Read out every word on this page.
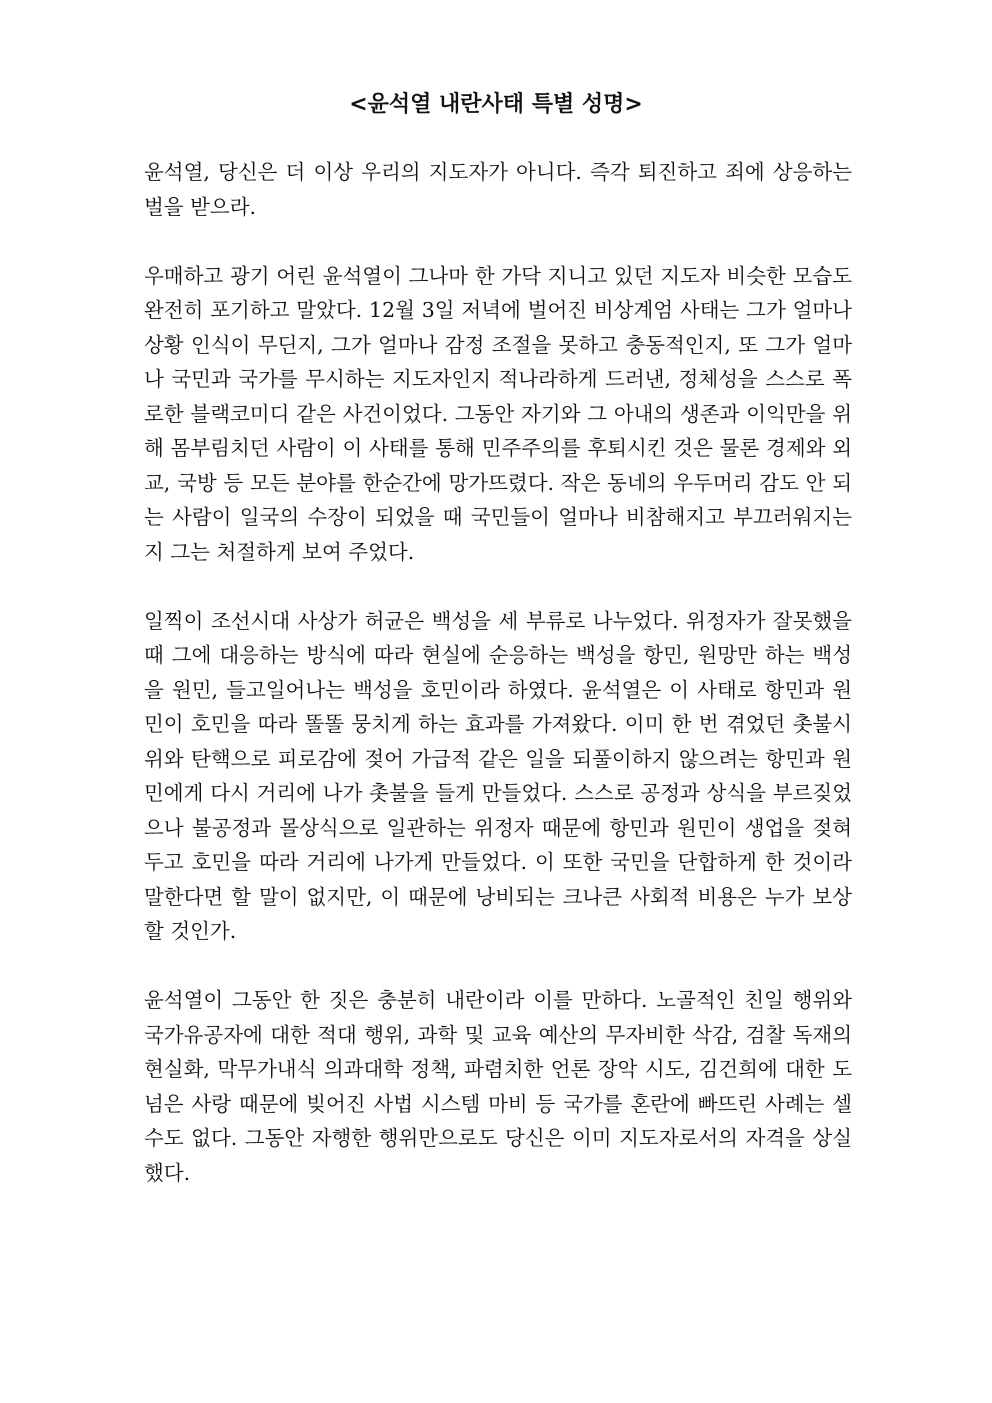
<윤석열 내란사태 특별 성명>

윤석열, 당신은 더 이상 우리의 지도자가 아니다. 즉각 퇴진하고 죄에 상응하는 벌을 받으라.

우매하고 광기 어린 윤석열이 그나마 한 가닥 지니고 있던 지도자 비슷한 모습도 완전히 포기하고 말았다. 12월 3일 저녁에 벌어진 비상계엄 사태는 그가 얼마나 상황 인식이 무딘지, 그가 얼마나 감정 조절을 못하고 충동적인지, 또 그가 얼마나 국민과 국가를 무시하는 지도자인지 적나라하게 드러낸, 정체성을 스스로 폭로한 블랙코미디 같은 사건이었다. 그동안 자기와 그 아내의 생존과 이익만을 위해 몸부림치던 사람이 이 사태를 통해 민주주의를 후퇴시킨 것은 물론 경제와 외교, 국방 등 모든 분야를 한순간에 망가뜨렸다. 작은 동네의 우두머리 감도 안 되는 사람이 일국의 수장이 되었을 때 국민들이 얼마나 비참해지고 부끄러워지는지 그는 처절하게 보여 주었다.

일찍이 조선시대 사상가 허균은 백성을 세 부류로 나누었다. 위정자가 잘못했을 때 그에 대응하는 방식에 따라 현실에 순응하는 백성을 항민, 원망만 하는 백성을 원민, 들고일어나는 백성을 호민이라 하였다. 윤석열은 이 사태로 항민과 원민이 호민을 따라 똘똘 뭉치게 하는 효과를 가져왔다. 이미 한 번 겪었던 촛불시위와 탄핵으로 피로감에 젖어 가급적 같은 일을 되풀이하지 않으려는 항민과 원민에게 다시 거리에 나가 촛불을 들게 만들었다. 스스로 공정과 상식을 부르짖었으나 불공정과 몰상식으로 일관하는 위정자 때문에 항민과 원민이 생업을 젖혀 두고 호민을 따라 거리에 나가게 만들었다. 이 또한 국민을 단합하게 한 것이라 말한다면 할 말이 없지만, 이 때문에 낭비되는 크나큰 사회적 비용은 누가 보상할 것인가.

윤석열이 그동안 한 짓은 충분히 내란이라 이를 만하다. 노골적인 친일 행위와 국가유공자에 대한 적대 행위, 과학 및 교육 예산의 무자비한 삭감, 검찰 독재의 현실화, 막무가내식 의과대학 정책, 파렴치한 언론 장악 시도, 김건희에 대한 도 넘은 사랑 때문에 빚어진 사법 시스템 마비 등 국가를 혼란에 빠뜨린 사례는 셀 수도 없다. 그동안 자행한 행위만으로도 당신은 이미 지도자로서의 자격을 상실했다.
